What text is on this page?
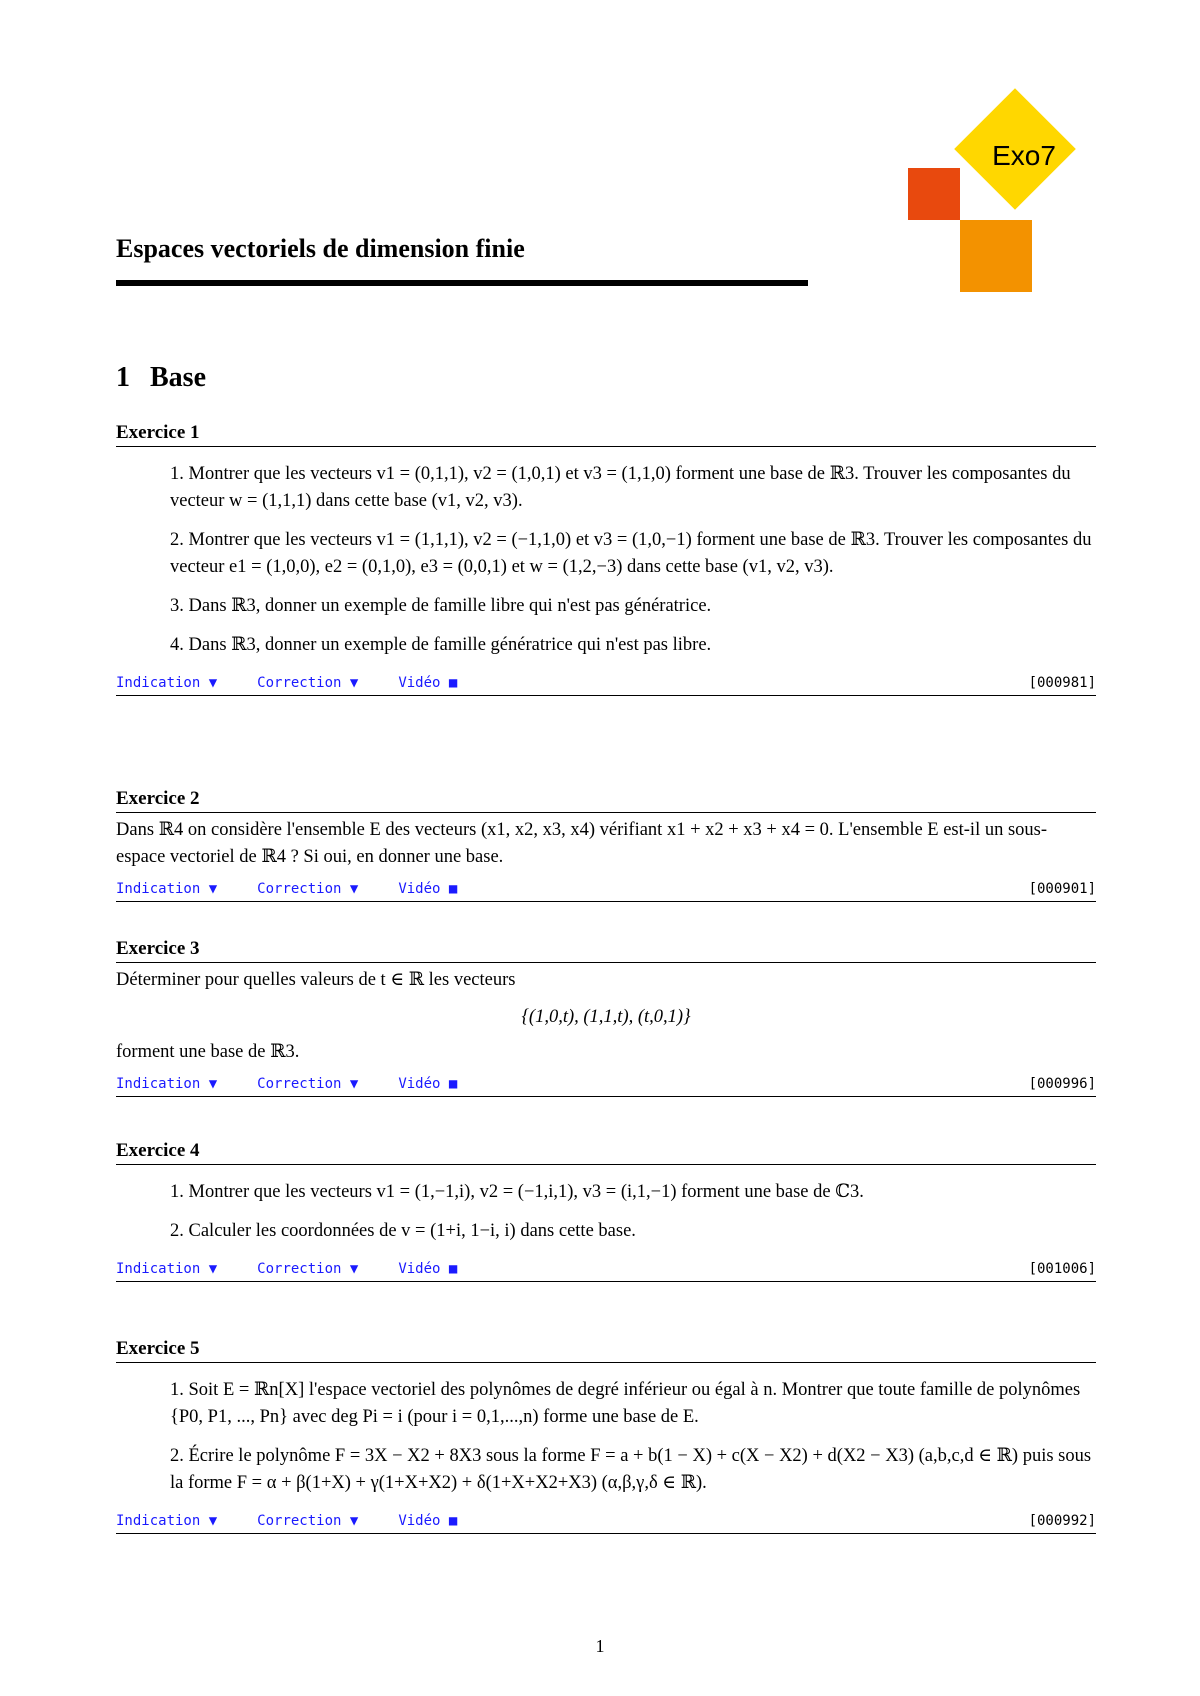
Exo7
Espaces vectoriels de dimension finie
1 Base
Exercice 1
1. Montrer que les vecteurs v1 = (0,1,1), v2 = (1,0,1) et v3 = (1,1,0) forment une base de ℝ3. Trouver les composantes du vecteur w = (1,1,1) dans cette base (v1, v2, v3).
2. Montrer que les vecteurs v1 = (1,1,1), v2 = (−1,1,0) et v3 = (1,0,−1) forment une base de ℝ3. Trouver les composantes du vecteur e1 = (1,0,0), e2 = (0,1,0), e3 = (0,0,1) et w = (1,2,−3) dans cette base (v1, v2, v3).
3. Dans ℝ3, donner un exemple de famille libre qui n'est pas génératrice.
4. Dans ℝ3, donner un exemple de famille génératrice qui n'est pas libre.
Indication ▼	Correction ▼	Vidéo ■	[000981]
Exercice 2

Dans ℝ4 on considère l'ensemble E des vecteurs (x1, x2, x3, x4) vérifiant x1 + x2 + x3 + x4 = 0. L'ensemble E est-il un sous-espace vectoriel de ℝ4 ? Si oui, en donner une base.

Indication ▼	Correction ▼	Vidéo ■	[000901]
Exercice 3

Déterminer pour quelles valeurs de t ∈ ℝ les vecteurs

{(1,0,t), (1,1,t), (t,0,1)}

forment une base de ℝ3.

Indication ▼	Correction ▼	Vidéo ■	[000996]
Exercice 4
1. Montrer que les vecteurs v1 = (1,−1,i), v2 = (−1,i,1), v3 = (i,1,−1) forment une base de ℂ3.
2. Calculer les coordonnées de v = (1+i, 1−i, i) dans cette base.
Indication ▼	Correction ▼	Vidéo ■	[001006]
Exercice 5
1. Soit E = ℝn[X] l'espace vectoriel des polynômes de degré inférieur ou égal à n. Montrer que toute famille de polynômes {P0, P1, ..., Pn} avec deg Pi = i (pour i = 0,1,...,n) forme une base de E.
2. Écrire le polynôme F = 3X − X2 + 8X3 sous la forme F = a + b(1 − X) + c(X − X2) + d(X2 − X3) (a,b,c,d ∈ ℝ) puis sous la forme F = α + β(1+X) + γ(1+X+X2) + δ(1+X+X2+X3) (α,β,γ,δ ∈ ℝ).
Indication ▼	Correction ▼	Vidéo ■	[000992]
1
